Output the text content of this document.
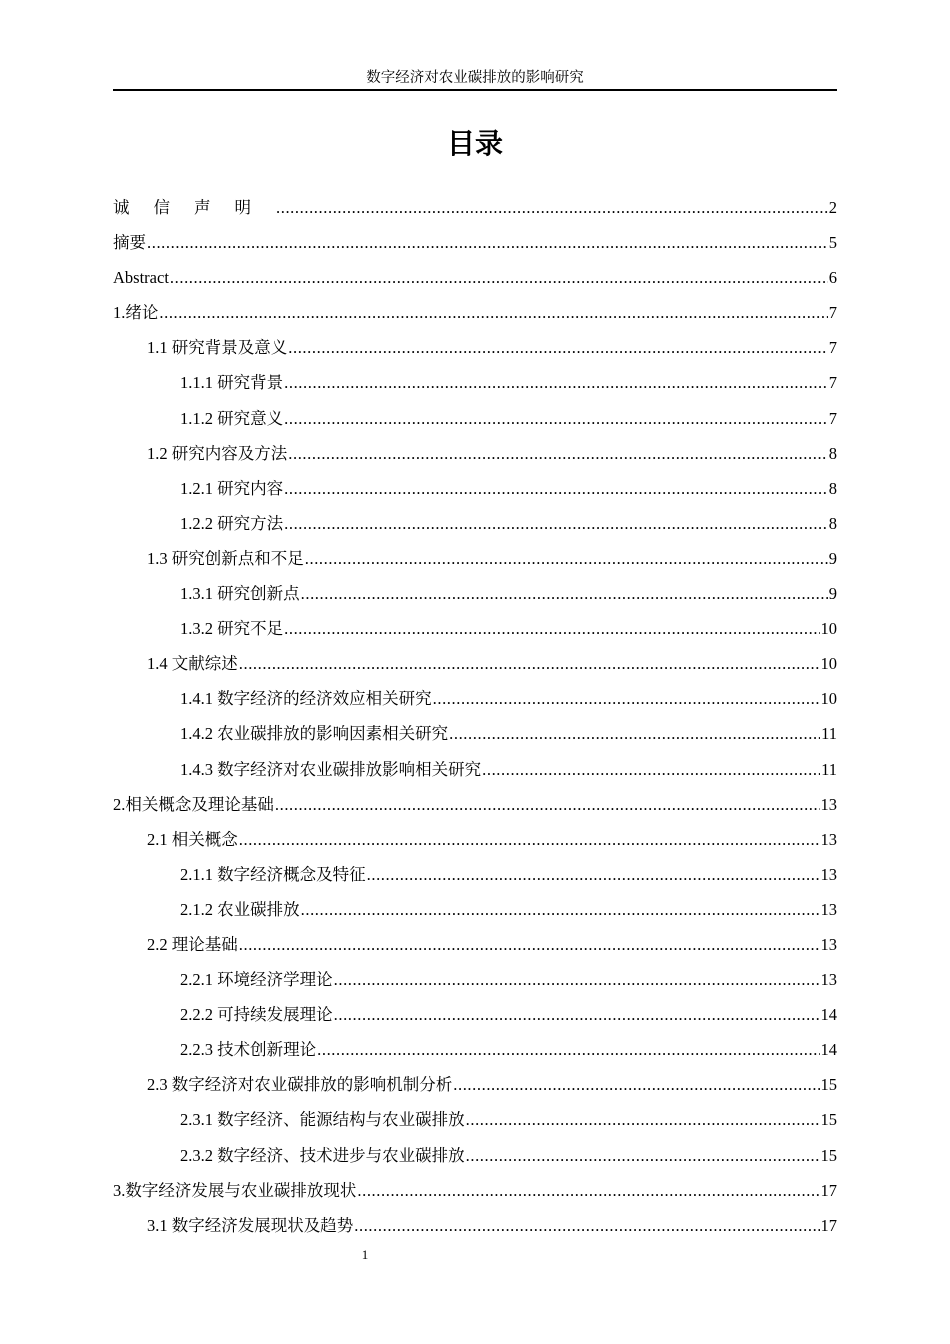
数字经济对农业碳排放的影响研究
目录
诚信声明 .....	2
摘要 .....	5
Abstract .....	6
1.绪论 .....	7
1.1 研究背景及意义 .....	7
1.1.1 研究背景 .....	7
1.1.2 研究意义 .....	7
1.2 研究内容及方法 .....	8
1.2.1 研究内容 .....	8
1.2.2 研究方法 .....	8
1.3 研究创新点和不足 .....	9
1.3.1 研究创新点 .....	9
1.3.2 研究不足 .....	10
1.4 文献综述 .....	10
1.4.1 数字经济的经济效应相关研究 .....	10
1.4.2 农业碳排放的影响因素相关研究 .....	11
1.4.3 数字经济对农业碳排放影响相关研究 .....	11
2.相关概念及理论基础 .....	13
2.1 相关概念 .....	13
2.1.1 数字经济概念及特征 .....	13
2.1.2 农业碳排放 .....	13
2.2 理论基础 .....	13
2.2.1 环境经济学理论 .....	13
2.2.2 可持续发展理论 .....	14
2.2.3 技术创新理论 .....	14
2.3 数字经济对农业碳排放的影响机制分析 .....	15
2.3.1 数字经济、能源结构与农业碳排放 .....	15
2.3.2 数字经济、技术进步与农业碳排放 .....	15
3.数字经济发展与农业碳排放现状 .....	17
3.1 数字经济发展现状及趋势 .....	17
1
